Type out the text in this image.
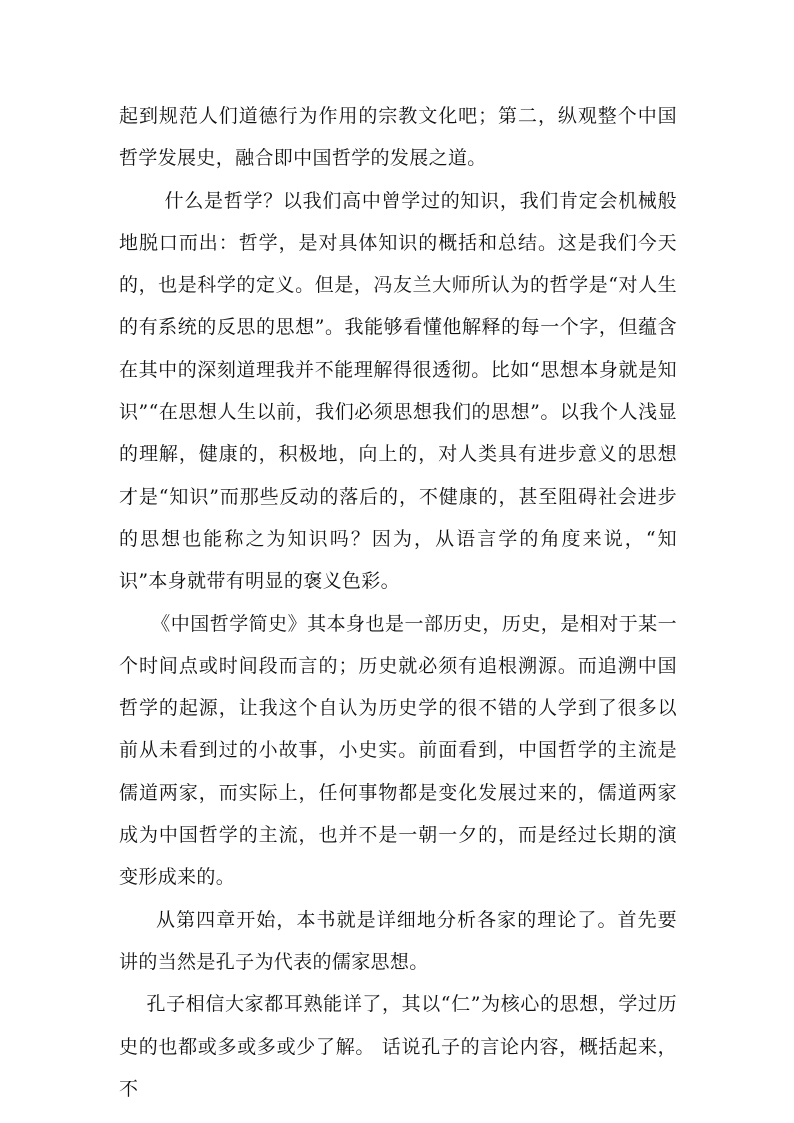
起到规范人们道德行为作用的宗教文化吧；第二，纵观整个中国哲学发展史，融合即中国哲学的发展之道。

什么是哲学？以我们高中曾学过的知识，我们肯定会机械般地脱口而出：哲学，是对具体知识的概括和总结。这是我们今天的，也是科学的定义。但是，冯友兰大师所认为的哲学是“对人生的有系统的反思的思想”。我能够看懂他解释的每一个字，但蕴含在其中的深刻道理我并不能理解得很透彻。比如“思想本身就是知识”“在思想人生以前，我们必须思想我们的思想”。以我个人浅显的理解，健康的，积极地，向上的，对人类具有进步意义的思想才是“知识”而那些反动的落后的，不健康的，甚至阻碍社会进步的思想也能称之为知识吗？因为，从语言学的角度来说，“知识”本身就带有明显的褒义色彩。

《中国哲学简史》其本身也是一部历史，历史，是相对于某一个时间点或时间段而言的；历史就必须有追根溯源。而追溯中国哲学的起源，让我这个自认为历史学的很不错的人学到了很多以前从未看到过的小故事，小史实。前面看到，中国哲学的主流是儒道两家，而实际上，任何事物都是变化发展过来的，儒道两家成为中国哲学的主流，也并不是一朝一夕的，而是经过长期的演变形成来的。

从第四章开始，本书就是详细地分析各家的理论了。首先要讲的当然是孔子为代表的儒家思想。

孔子相信大家都耳熟能详了，其以“仁”为核心的思想，学过历史的也都或多或多或少了解。 话说孔子的言论内容，概括起来，不
